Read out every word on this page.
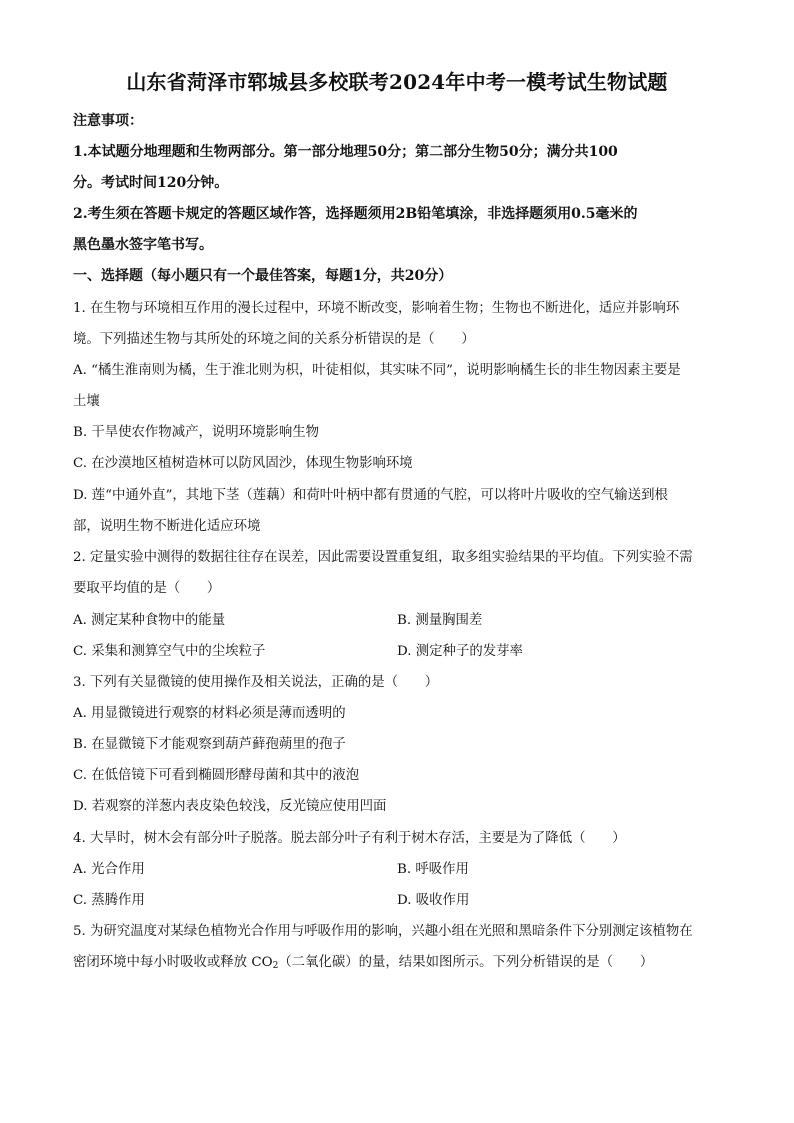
山东省菏泽市郓城县多校联考2024年中考一模考试生物试题
注意事项：
1.本试题分地理题和生物两部分。第一部分地理50分；第二部分生物50分；满分共100
分。考试时间120分钟。
2.考生须在答题卡规定的答题区域作答，选择题须用2B铅笔填涂，非选择题须用0.5毫米的
黑色墨水签字笔书写。
一、选择题（每小题只有一个最佳答案，每题1分，共20分）
1. 在生物与环境相互作用的漫长过程中，环境不断改变，影响着生物；生物也不断进化，适应并影响环
境。下列描述生物与其所处的环境之间的关系分析错误的是（　　）
A. “橘生淮南则为橘，生于淮北则为枳，叶徒相似，其实味不同”，说明影响橘生长的非生物因素主要是
土壤
B. 干旱使农作物减产，说明环境影响生物
C. 在沙漠地区植树造林可以防风固沙，体现生物影响环境
D. 莲“中通外直”，其地下茎（莲藕）和荷叶叶柄中都有贯通的气腔，可以将叶片吸收的空气输送到根
部，说明生物不断进化适应环境
2. 定量实验中测得的数据往往存在误差，因此需要设置重复组，取多组实验结果的平均值。下列实验不需
要取平均值的是（　　）
A. 测定某种食物中的能量	B. 测量胸围差
C. 采集和测算空气中的尘埃粒子	D. 测定种子的发芽率
3. 下列有关显微镜的使用操作及相关说法，正确的是（　　）
A. 用显微镜进行观察的材料必须是薄而透明的
B. 在显微镜下才能观察到葫芦藓孢蒴里的孢子
C. 在低倍镜下可看到椭圆形酵母菌和其中的液泡
D. 若观察的洋葱内表皮染色较浅，反光镜应使用凹面
4. 大旱时，树木会有部分叶子脱落。脱去部分叶子有利于树木存活，主要是为了降低（　　）
A. 光合作用	B. 呼吸作用
C. 蒸腾作用	D. 吸收作用
5. 为研究温度对某绿色植物光合作用与呼吸作用的影响，兴趣小组在光照和黑暗条件下分别测定该植物在
密闭环境中每小时吸收或释放 $CO_2$（二氧化碳）的量，结果如图所示。下列分析错误的是（　　）
